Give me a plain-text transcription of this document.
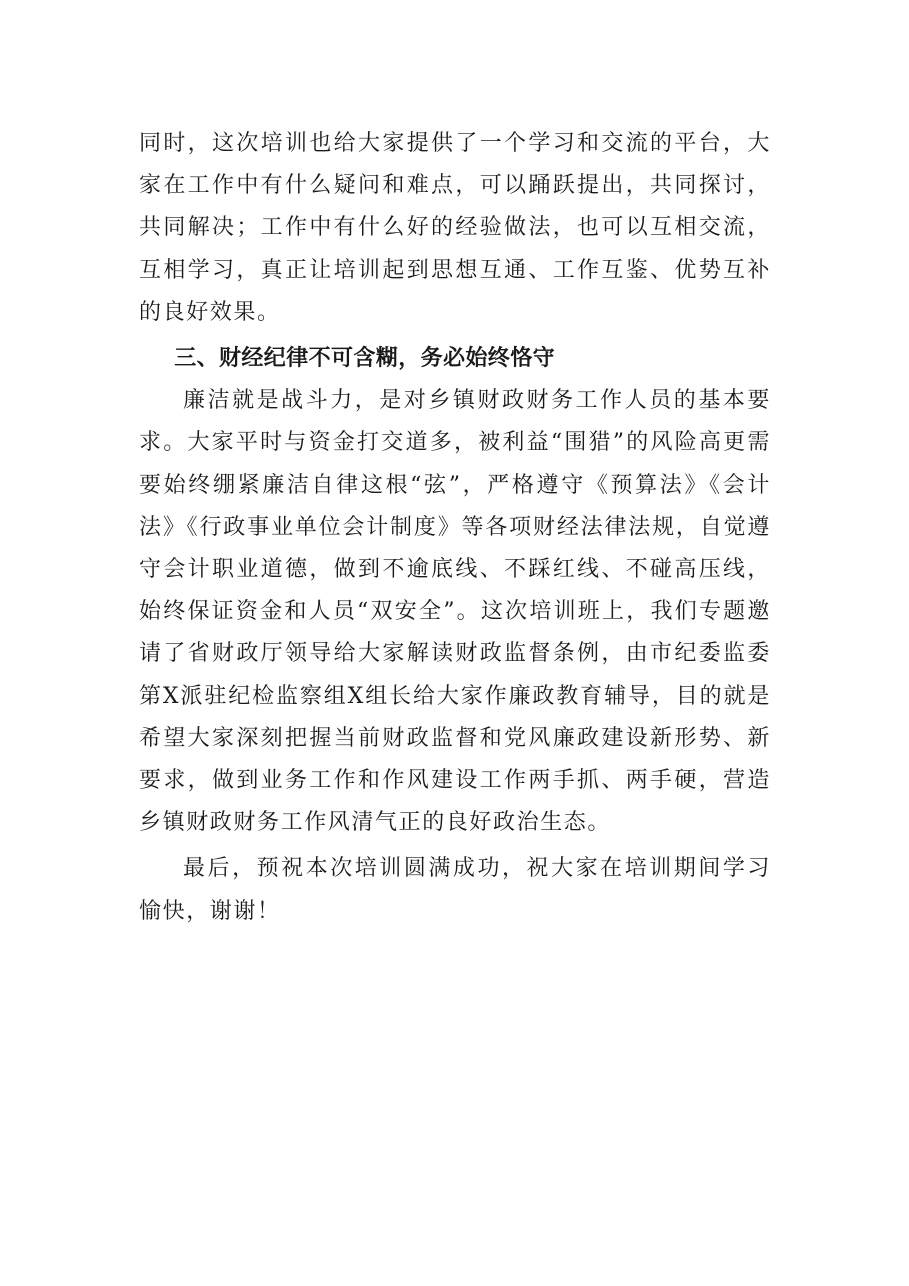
同时，这次培训也给大家提供了一个学习和交流的平台，大家在工作中有什么疑问和难点，可以踊跃提出，共同探讨，共同解决；工作中有什么好的经验做法，也可以互相交流，互相学习，真正让培训起到思想互通、工作互鉴、优势互补的良好效果。

三、财经纪律不可含糊，务必始终恪守

廉洁就是战斗力，是对乡镇财政财务工作人员的基本要求。大家平时与资金打交道多，被利益“围猎”的风险高更需要始终绷紧廉洁自律这根“弦”，严格遵守《预算法》《会计法》《行政事业单位会计制度》等各项财经法律法规，自觉遵守会计职业道德，做到不逾底线、不踩红线、不碰高压线，始终保证资金和人员“双安全”。这次培训班上，我们专题邀请了省财政厅领导给大家解读财政监督条例，由市纪委监委第X派驻纪检监察组X组长给大家作廉政教育辅导，目的就是希望大家深刻把握当前财政监督和党风廉政建设新形势、新要求，做到业务工作和作风建设工作两手抓、两手硬，营造乡镇财政财务工作风清气正的良好政治生态。

最后，预祝本次培训圆满成功，祝大家在培训期间学习愉快，谢谢！
